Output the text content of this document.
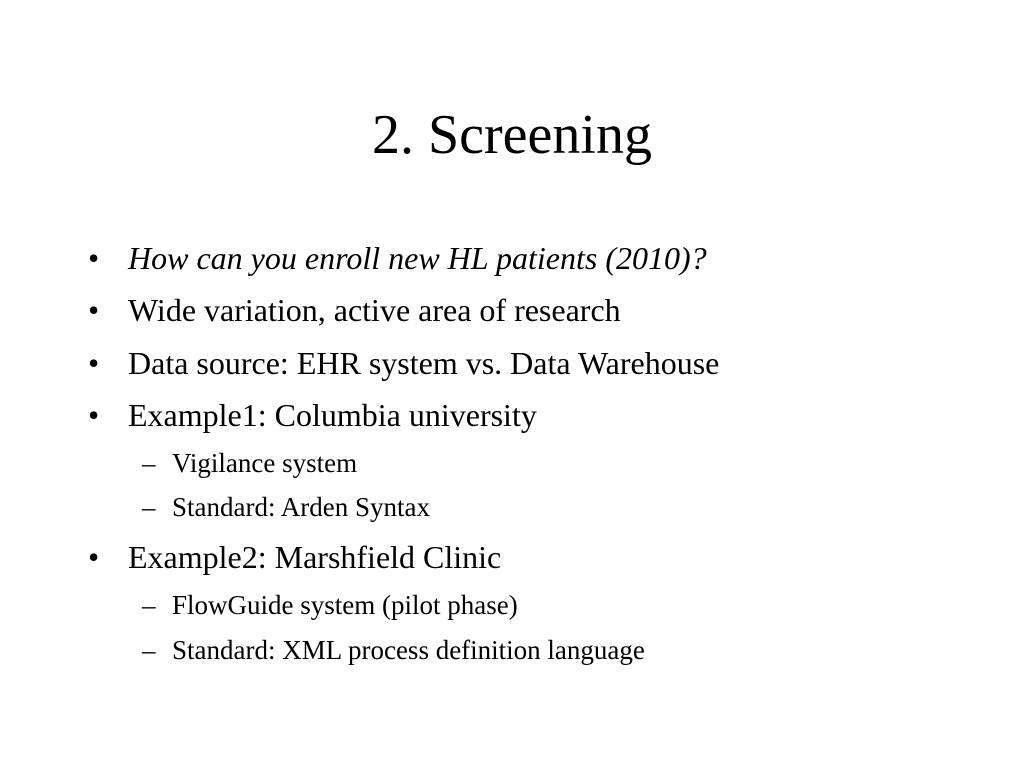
2. Screening
• How can you enroll new HL patients (2010)?
• Wide variation, active area of research
• Data source: EHR system vs. Data Warehouse
• Example1: Columbia university
– Vigilance system
– Standard: Arden Syntax
• Example2: Marshfield Clinic
– FlowGuide system (pilot phase)
– Standard: XML process definition language
